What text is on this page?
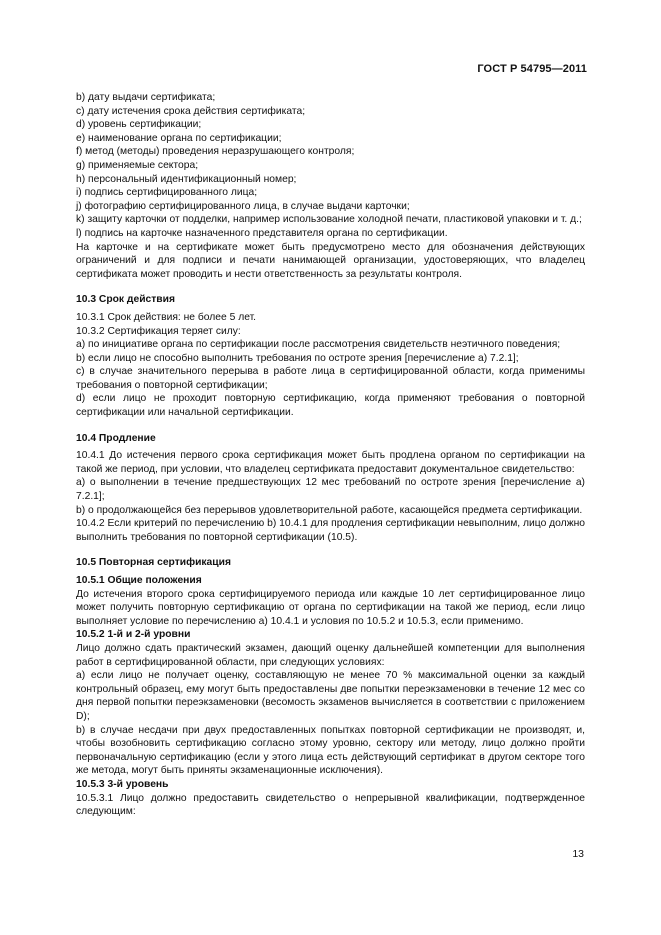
ГОСТ Р 54795—2011

b) дату выдачи сертификата;

c) дату истечения срока действия сертификата;

d) уровень сертификации;

e) наименование органа по сертификации;

f) метод (методы) проведения неразрушающего контроля;

g) применяемые сектора;

h) персональный идентификационный номер;

i) подпись сертифицированного лица;

j) фотографию сертифицированного лица, в случае выдачи карточки;

k) защиту карточки от подделки, например использование холодной печати, пластиковой упаковки и т. д.;

l) подпись на карточке назначенного представителя органа по сертификации.

На карточке и на сертификате может быть предусмотрено место для обозначения действующих ограничений и для подписи и печати нанимающей организации, удостоверяющих, что владелец сертификата может проводить и нести ответственность за результаты контроля.

10.3 Срок действия

10.3.1 Срок действия: не более 5 лет.

10.3.2 Сертификация теряет силу:

a) по инициативе органа по сертификации после рассмотрения свидетельств неэтичного поведения;

b) если лицо не способно выполнить требования по остроте зрения [перечисление а) 7.2.1];

c) в случае значительного перерыва в работе лица в сертифицированной области, когда применимы требования о повторной сертификации;

d) если лицо не проходит повторную сертификацию, когда применяют требования о повторной сертификации или начальной сертификации.

10.4 Продление

10.4.1 До истечения первого срока сертификация может быть продлена органом по сертификации на такой же период, при условии, что владелец сертификата предоставит документальное свидетельство:

a) о выполнении в течение предшествующих 12 мес требований по остроте зрения [перечисление а) 7.2.1];

b) о продолжающейся без перерывов удовлетворительной работе, касающейся предмета сертификации.

10.4.2 Если критерий по перечислению b) 10.4.1 для продления сертификации невыполним, лицо должно выполнить требования по повторной сертификации (10.5).

10.5 Повторная сертификация

10.5.1 Общие положения

До истечения второго срока сертифицируемого периода или каждые 10 лет сертифицированное лицо может получить повторную сертификацию от органа по сертификации на такой же период, если лицо выполняет условие по перечислению a) 10.4.1 и условия по 10.5.2 и 10.5.3, если применимо.

10.5.2 1-й и 2-й уровни

Лицо должно сдать практический экзамен, дающий оценку дальнейшей компетенции для выполнения работ в сертифицированной области, при следующих условиях:

a) если лицо не получает оценку, составляющую не менее 70 % максимальной оценки за каждый контрольный образец, ему могут быть предоставлены две попытки переэкзаменовки в течение 12 мес со дня первой попытки переэкзаменовки (весомость экзаменов вычисляется в соответствии с приложением D);

b) в случае несдачи при двух предоставленных попытках повторной сертификации не производят, и, чтобы возобновить сертификацию согласно этому уровню, сектору или методу, лицо должно пройти первоначальную сертификацию (если у этого лица есть действующий сертификат в другом секторе того же метода, могут быть приняты экзаменационные исключения).

10.5.3 3-й уровень

10.5.3.1 Лицо должно предоставить свидетельство о непрерывной квалификации, подтвержденное следующим:

13
